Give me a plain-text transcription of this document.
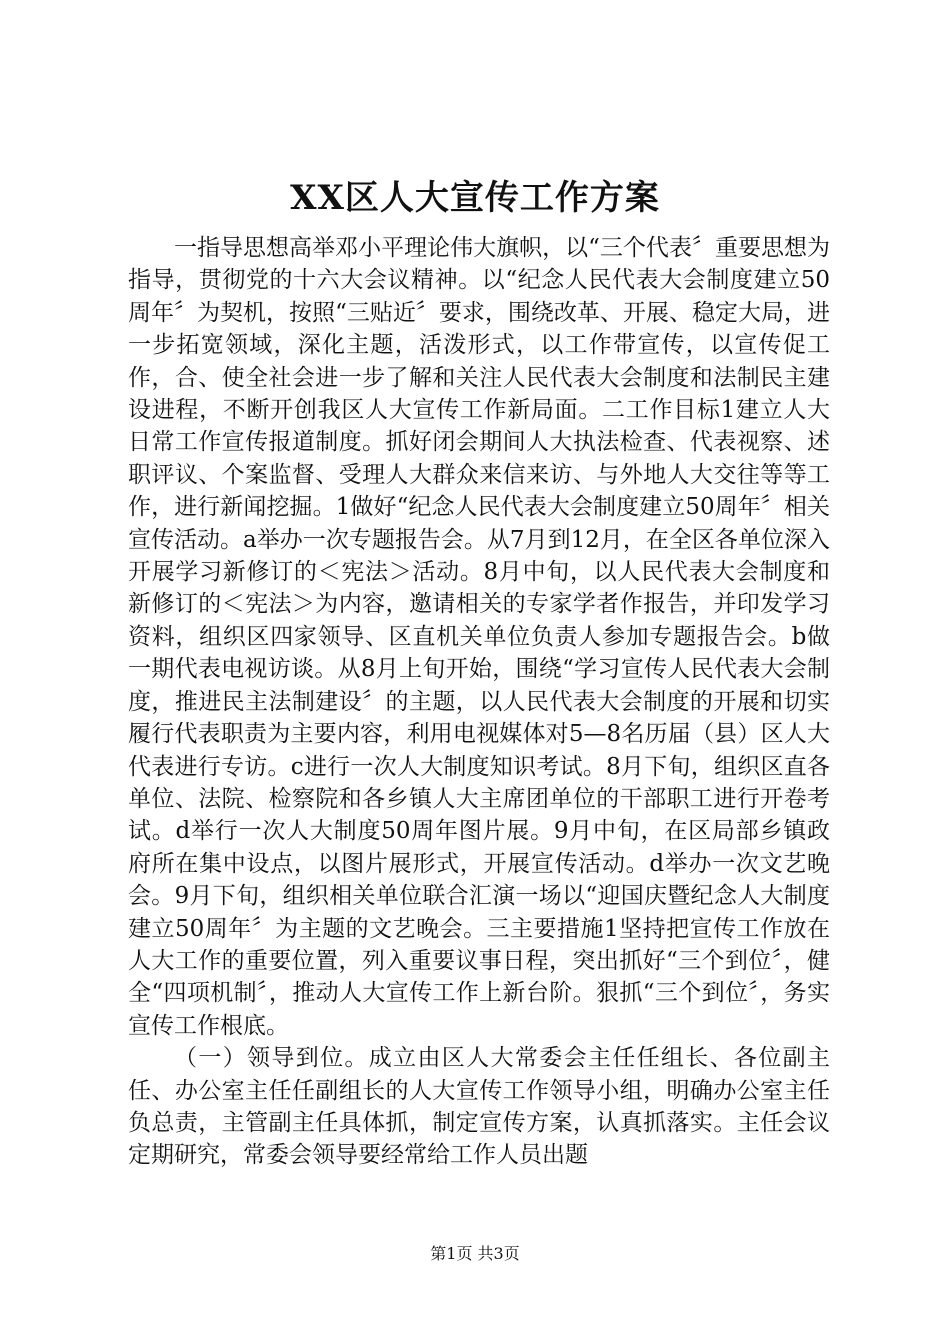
XX区人大宣传工作方案

一指导思想高举邓小平理论伟大旗帜，以“三个代表〞重要思想为指导，贯彻党的十六大会议精神。以“纪念人民代表大会制度建立50周年〞为契机，按照“三贴近〞要求，围绕改革、开展、稳定大局，进一步拓宽领域，深化主题，活泼形式，以工作带宣传，以宣传促工作，合、使全社会进一步了解和关注人民代表大会制度和法制民主建设进程，不断开创我区人大宣传工作新局面。二工作目标1建立人大日常工作宣传报道制度。抓好闭会期间人大执法检查、代表视察、述职评议、个案监督、受理人大群众来信来访、与外地人大交往等等工作，进行新闻挖掘。1做好“纪念人民代表大会制度建立50周年〞相关宣传活动。a举办一次专题报告会。从7月到12月，在全区各单位深入开展学习新修订的＜宪法＞活动。8月中旬，以人民代表大会制度和新修订的＜宪法＞为内容，邀请相关的专家学者作报告，并印发学习资料，组织区四家领导、区直机关单位负责人参加专题报告会。b做一期代表电视访谈。从8月上旬开始，围绕“学习宣传人民代表大会制度，推进民主法制建设〞的主题，以人民代表大会制度的开展和切实履行代表职责为主要内容，利用电视媒体对5—8名历届（县）区人大代表进行专访。c进行一次人大制度知识考试。8月下旬，组织区直各单位、法院、检察院和各乡镇人大主席团单位的干部职工进行开卷考试。d举行一次人大制度50周年图片展。9月中旬，在区局部乡镇政府所在集中设点，以图片展形式，开展宣传活动。d举办一次文艺晚会。9月下旬，组织相关单位联合汇演一场以“迎国庆暨纪念人大制度建立50周年〞为主题的文艺晚会。三主要措施1坚持把宣传工作放在人大工作的重要位置，列入重要议事日程，突出抓好“三个到位〞，健全“四项机制〞，推动人大宣传工作上新台阶。狠抓“三个到位〞，务实宣传工作根底。

（一）领导到位。成立由区人大常委会主任任组长、各位副主任、办公室主任任副组长的人大宣传工作领导小组，明确办公室主任负总责，主管副主任具体抓，制定宣传方案，认真抓落实。主任会议定期研究，常委会领导要经常给工作人员出题

第1页 共3页
